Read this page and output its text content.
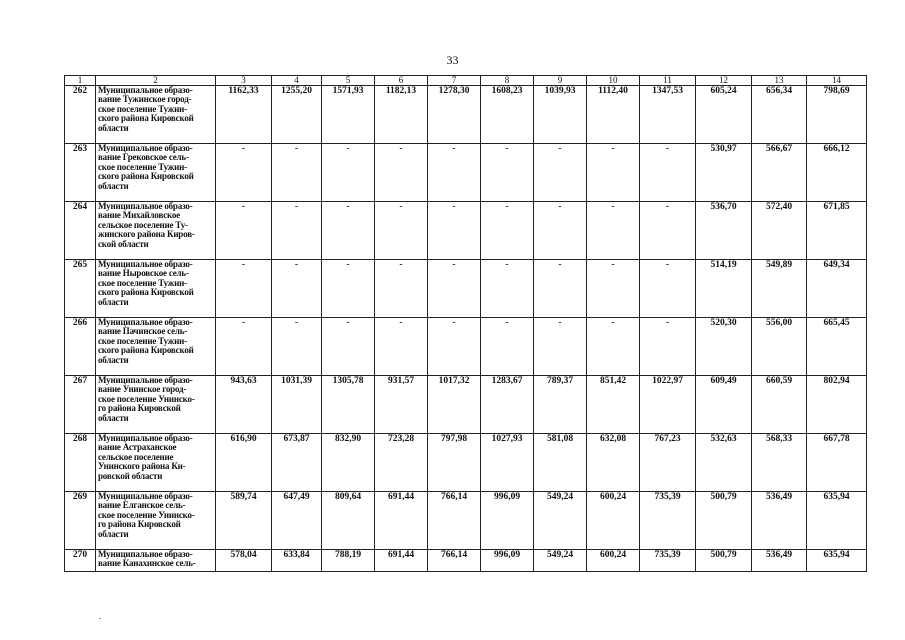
33
1	2	3	4	5	6	7	8	9	10	11	12	13	14
262	Муниципальное образо-
вание Тужинское город-
ское поселение Тужин-
ского района Кировской
области	1162,33	1255,20	1571,93	1182,13	1278,30	1608,23	1039,93	1112,40	1347,53	605,24	656,34	798,69
263	Муниципальное образо-
вание Грековское сель-
ское поселение Тужин-
ского района Кировской
области	-	-	-	-	-	-	-	-	-	530,97	566,67	666,12
264	Муниципальное образо-
вание Михайловское
сельское поселение Ту-
жинского района Киров-
ской области	-	-	-	-	-	-	-	-	-	536,70	572,40	671,85
265	Муниципальное образо-
вание Ныровское сель-
ское поселение Тужин-
ского района Кировской
области	-	-	-	-	-	-	-	-	-	514,19	549,89	649,34
266	Муниципальное образо-
вание Пачинское сель-
ское поселение Тужин-
ского района Кировской
области	-	-	-	-	-	-	-	-	-	520,30	556,00	665,45
267	Муниципальное образо-
вание Унинское город-
ское поселение Унинско-
го района Кировской
области	943,63	1031,39	1305,78	931,57	1017,32	1283,67	789,37	851,42	1022,97	609,49	660,59	802,94
268	Муниципальное образо-
вание Астраханское
сельское поселение
Унинского района Ки-
ровской области	616,90	673,87	832,90	723,28	797,98	1027,93	581,08	632,08	767,23	532,63	568,33	667,78
269	Муниципальное образо-
вание Елганское сель-
ское поселение Унинско-
го района Кировской
области	589,74	647,49	809,64	691,44	766,14	996,09	549,24	600,24	735,39	500,79	536,49	635,94
270	Муниципальное образо-
вание Канахинское сель-	578,04	633,84	788,19	691,44	766,14	996,09	549,24	600,24	735,39	500,79	536,49	635,94
